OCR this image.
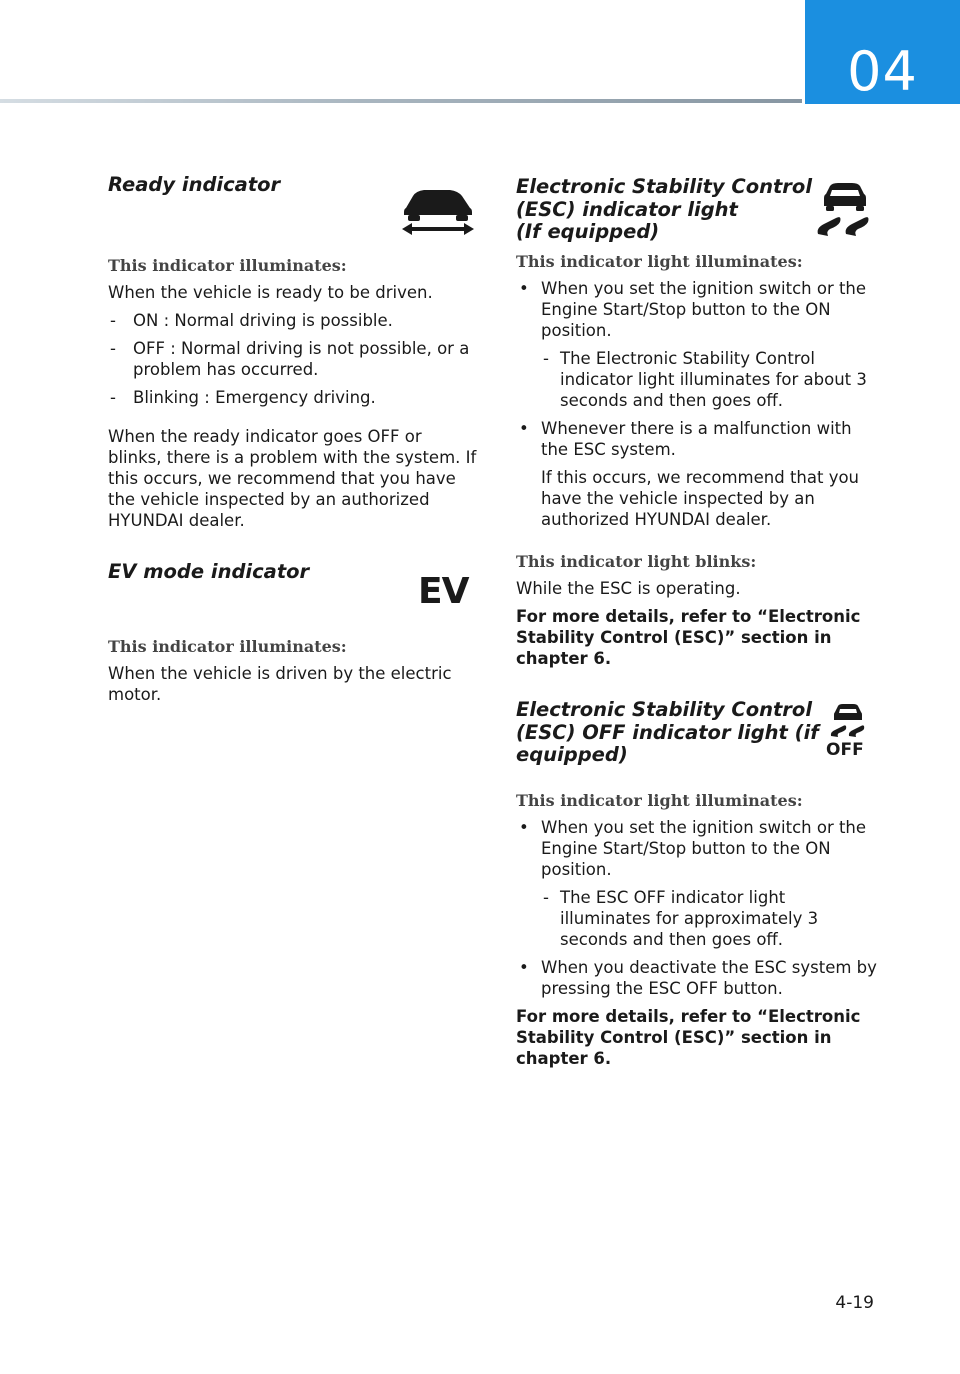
04
Ready indicator

This indicator illuminates:

When the vehicle is ready to be driven.

- ON : Normal driving is possible.
- OFF : Normal driving is not possible, or a problem has occurred.
- Blinking : Emergency driving.

When the ready indicator goes OFF or blinks, there is a problem with the system. If this occurs, we recommend that you have the vehicle inspected by an authorized HYUNDAI dealer.

EV mode indicator	EV

This indicator illuminates:

When the vehicle is driven by the electric motor.

Electronic Stability Control
(ESC) indicator light
(If equipped)

This indicator light illuminates:

• When you set the ignition switch or the Engine Start/Stop button to the ON position.
- The Electronic Stability Control indicator light illuminates for about 3 seconds and then goes off.
• Whenever there is a malfunction with the ESC system.
If this occurs, we recommend that you have the vehicle inspected by an authorized HYUNDAI dealer.

This indicator light blinks:

While the ESC is operating.

For more details, refer to “Electronic Stability Control (ESC)” section in chapter 6.

Electronic Stability Control
(ESC) OFF indicator light (if
equipped)	OFF

This indicator light illuminates:

• When you set the ignition switch or the Engine Start/Stop button to the ON position.
- The ESC OFF indicator light illuminates for approximately 3 seconds and then goes off.
• When you deactivate the ESC system by pressing the ESC OFF button.

For more details, refer to “Electronic Stability Control (ESC)” section in chapter 6.

4-19
